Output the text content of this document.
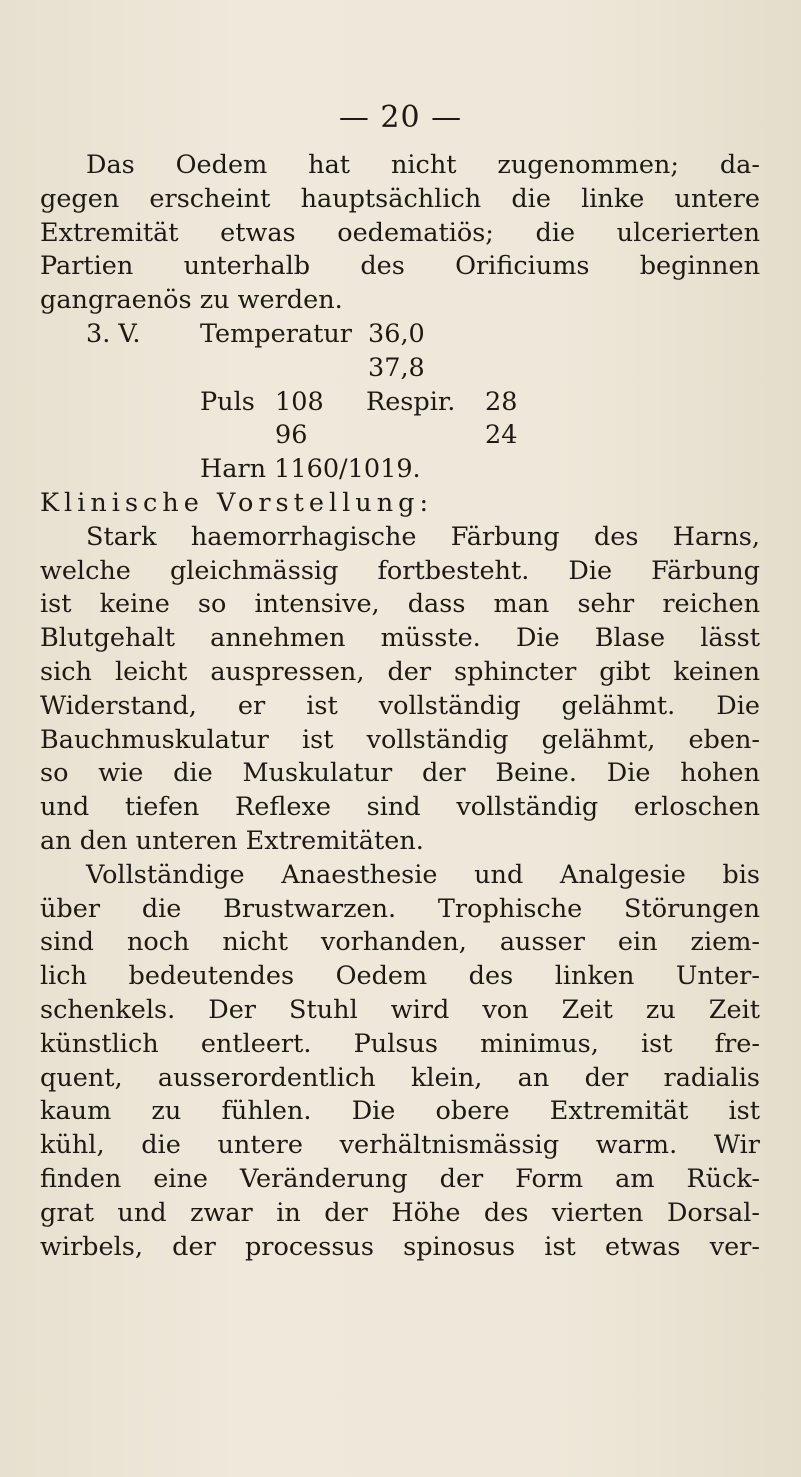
— 20 —
Das Oedem hat nicht zugenommen; da-
gegen erscheint hauptsächlich die linke untere
Extremität etwas oedematiös; die ulcerierten
Partien unterhalb des Orificiums beginnen
gangraenös zu werden.
3. V. Temperatur 36,0
37,8
Puls 108 Respir. 28
96	24
Harn 1160/1019.
Klinische Vorstellung:
Stark haemorrhagische Färbung des Harns,
welche gleichmässig fortbesteht. Die Färbung
ist keine so intensive, dass man sehr reichen
Blutgehalt annehmen müsste. Die Blase lässt
sich leicht auspressen, der sphincter gibt keinen
Widerstand, er ist vollständig gelähmt. Die
Bauchmuskulatur ist vollständig gelähmt, eben-
so wie die Muskulatur der Beine. Die hohen
und tiefen Reflexe sind vollständig erloschen
an den unteren Extremitäten.
Vollständige Anaesthesie und Analgesie bis
über die Brustwarzen. Trophische Störungen
sind noch nicht vorhanden, ausser ein ziem-
lich bedeutendes Oedem des linken Unter-
schenkels. Der Stuhl wird von Zeit zu Zeit
künstlich entleert. Pulsus minimus, ist fre-
quent, ausserordentlich klein, an der radialis
kaum zu fühlen. Die obere Extremität ist
kühl, die untere verhältnismässig warm. Wir
finden eine Veränderung der Form am Rück-
grat und zwar in der Höhe des vierten Dorsal-
wirbels, der processus spinosus ist etwas ver-
